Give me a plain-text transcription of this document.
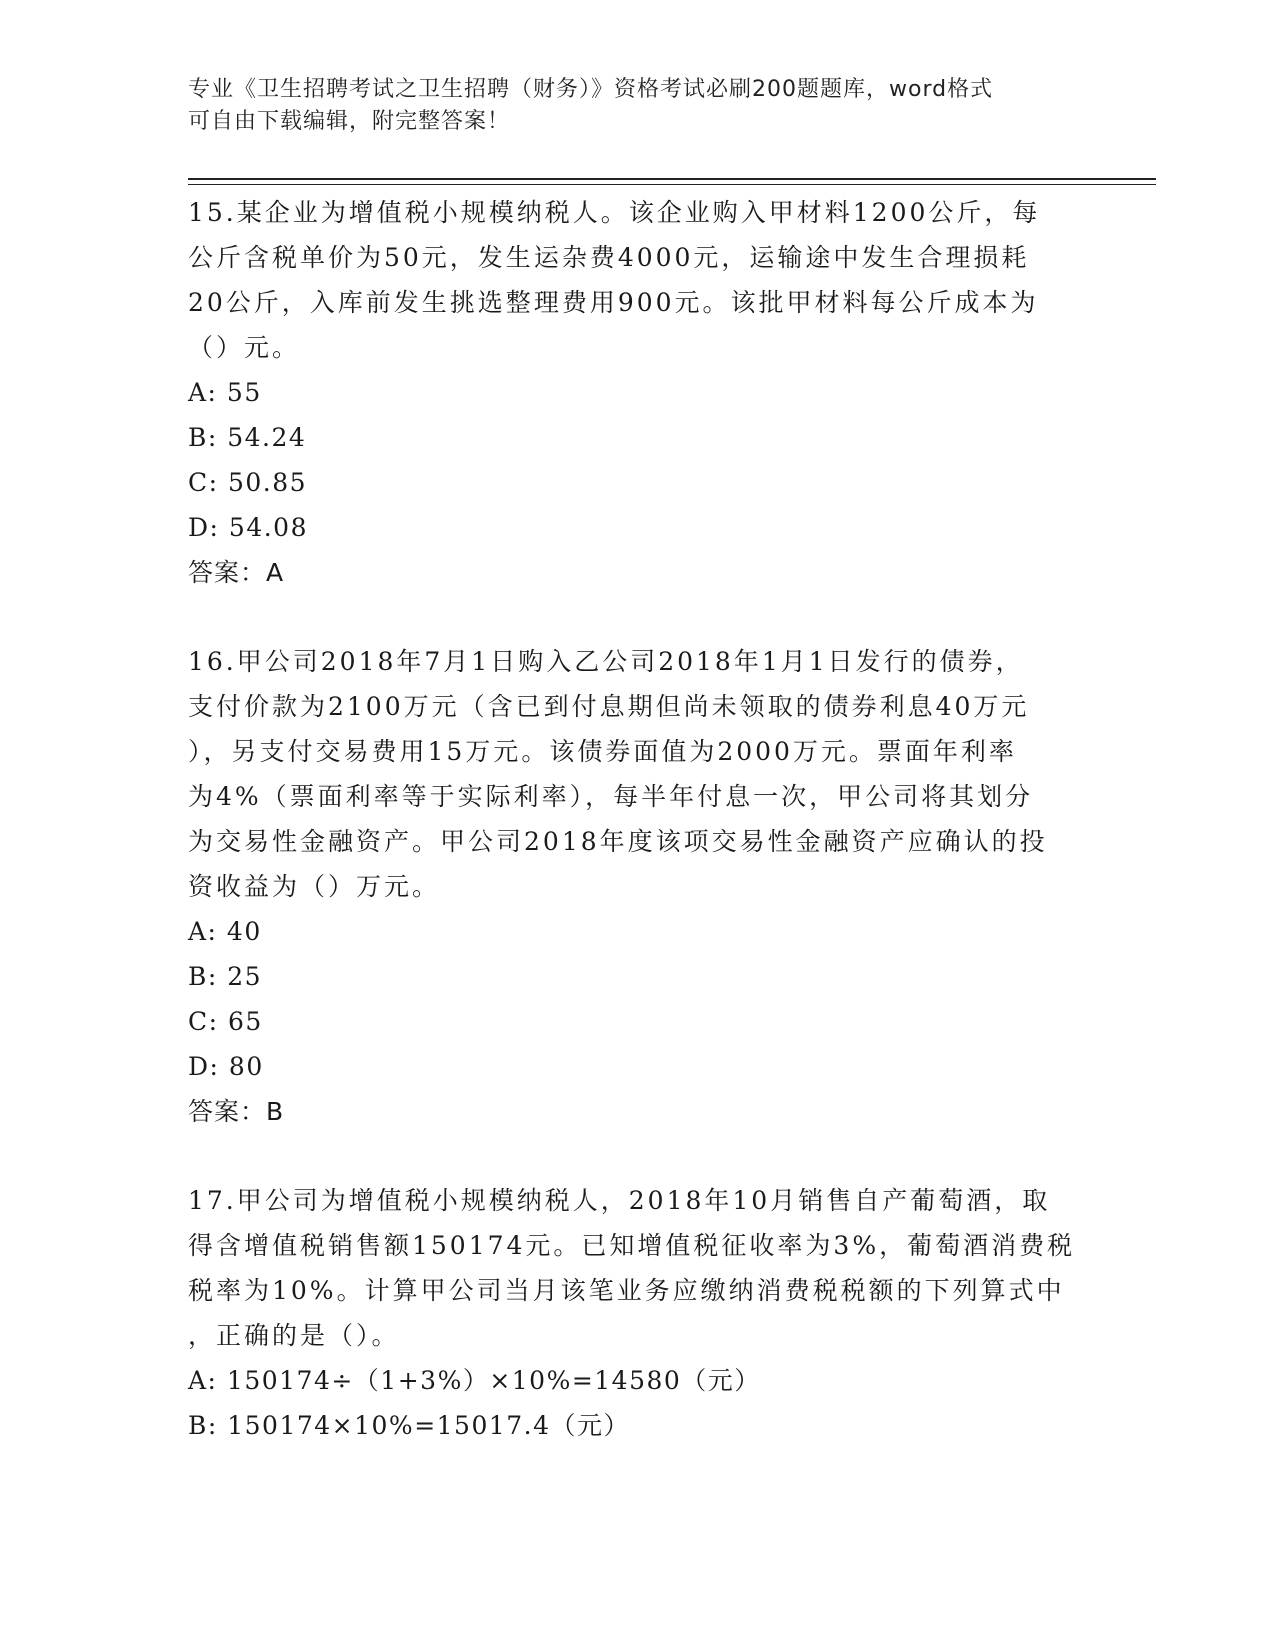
专业《卫生招聘考试之卫生招聘（财务）》资格考试必刷200题题库，word格式
可自由下载编辑，附完整答案！
15.某企业为增值税小规模纳税人。该企业购入甲材料1200公斤，每
公斤含税单价为50元，发生运杂费4000元，运输途中发生合理损耗
20公斤，入库前发生挑选整理费用900元。该批甲材料每公斤成本为
（）元。
A: 55
B: 54.24
C: 50.85
D: 54.08
答案：A
16.甲公司2018年7月1日购入乙公司2018年1月1日发行的债券，
支付价款为2100万元（含已到付息期但尚未领取的债券利息40万元
），另支付交易费用15万元。该债券面值为2000万元。票面年利率
为4%（票面利率等于实际利率），每半年付息一次，甲公司将其划分
为交易性金融资产。甲公司2018年度该项交易性金融资产应确认的投
资收益为（）万元。
A: 40
B: 25
C: 65
D: 80
答案：B
17.甲公司为增值税小规模纳税人，2018年10月销售自产葡萄酒，取
得含增值税销售额150174元。已知增值税征收率为3%，葡萄酒消费税
税率为10%。计算甲公司当月该笔业务应缴纳消费税税额的下列算式中
，正确的是（）。
A: 150174÷（1+3%）×10%=14580（元）
B: 150174×10%=15017.4（元）
